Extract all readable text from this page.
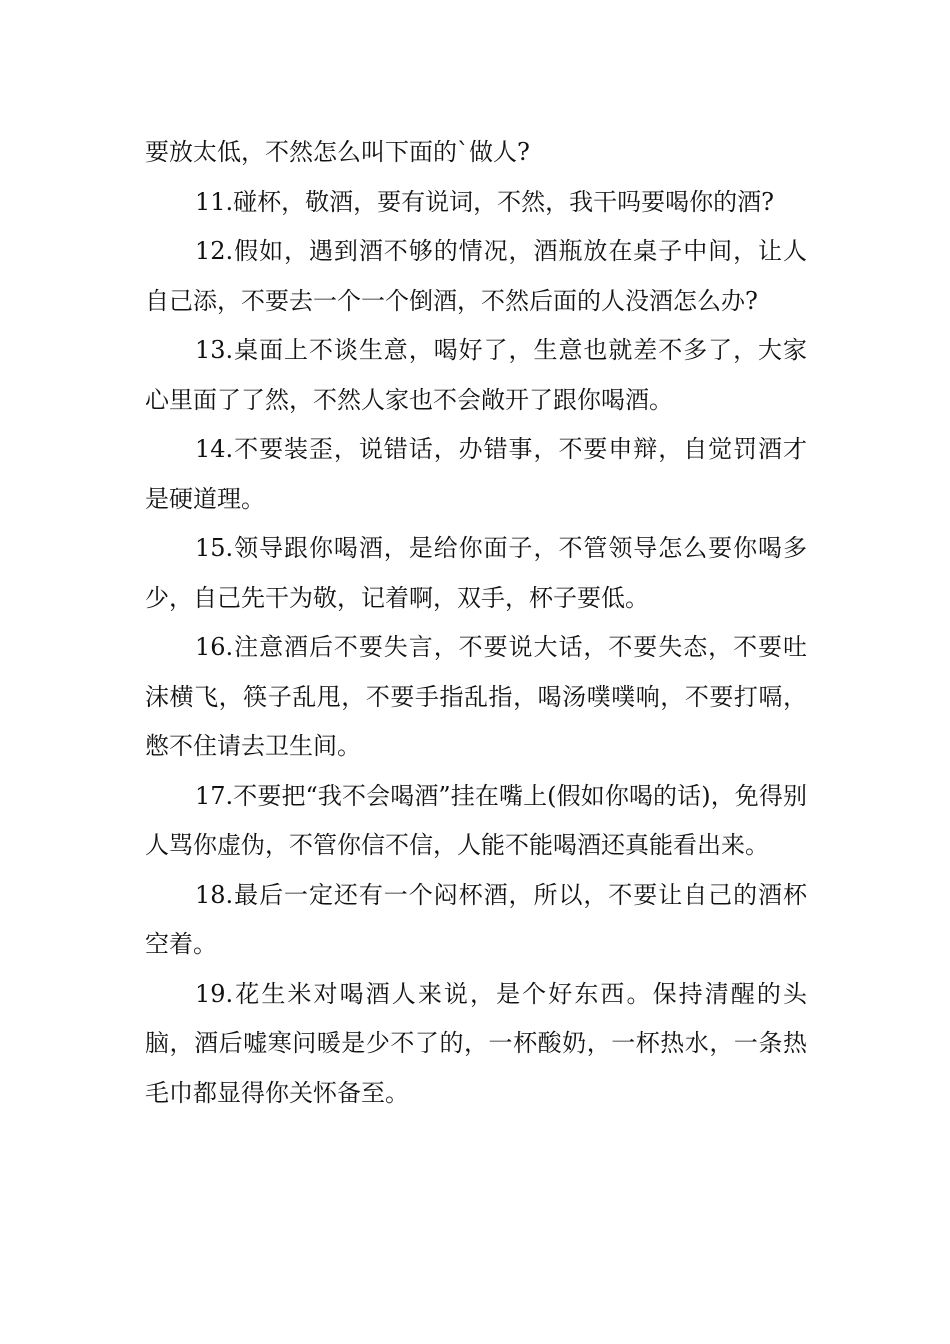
要放太低，不然怎么叫下面的`做人?

11.碰杯，敬酒，要有说词，不然，我干吗要喝你的酒?

12.假如，遇到酒不够的情况，酒瓶放在桌子中间，让人自己添，不要去一个一个倒酒，不然后面的人没酒怎么办?

13.桌面上不谈生意，喝好了，生意也就差不多了，大家心里面了了然，不然人家也不会敞开了跟你喝酒。

14.不要装歪，说错话，办错事，不要申辩，自觉罚酒才是硬道理。

15.领导跟你喝酒，是给你面子，不管领导怎么要你喝多少，自己先干为敬，记着啊，双手，杯子要低。

16.注意酒后不要失言，不要说大话，不要失态，不要吐沫横飞，筷子乱甩，不要手指乱指，喝汤噗噗响，不要打嗝，憋不住请去卫生间。

17.不要把“我不会喝酒”挂在嘴上(假如你喝的话)，免得别人骂你虚伪，不管你信不信，人能不能喝酒还真能看出来。

18.最后一定还有一个闷杯酒，所以，不要让自己的酒杯空着。

19.花生米对喝酒人来说，是个好东西。保持清醒的头脑，酒后嘘寒问暖是少不了的，一杯酸奶，一杯热水，一条热毛巾都显得你关怀备至。
